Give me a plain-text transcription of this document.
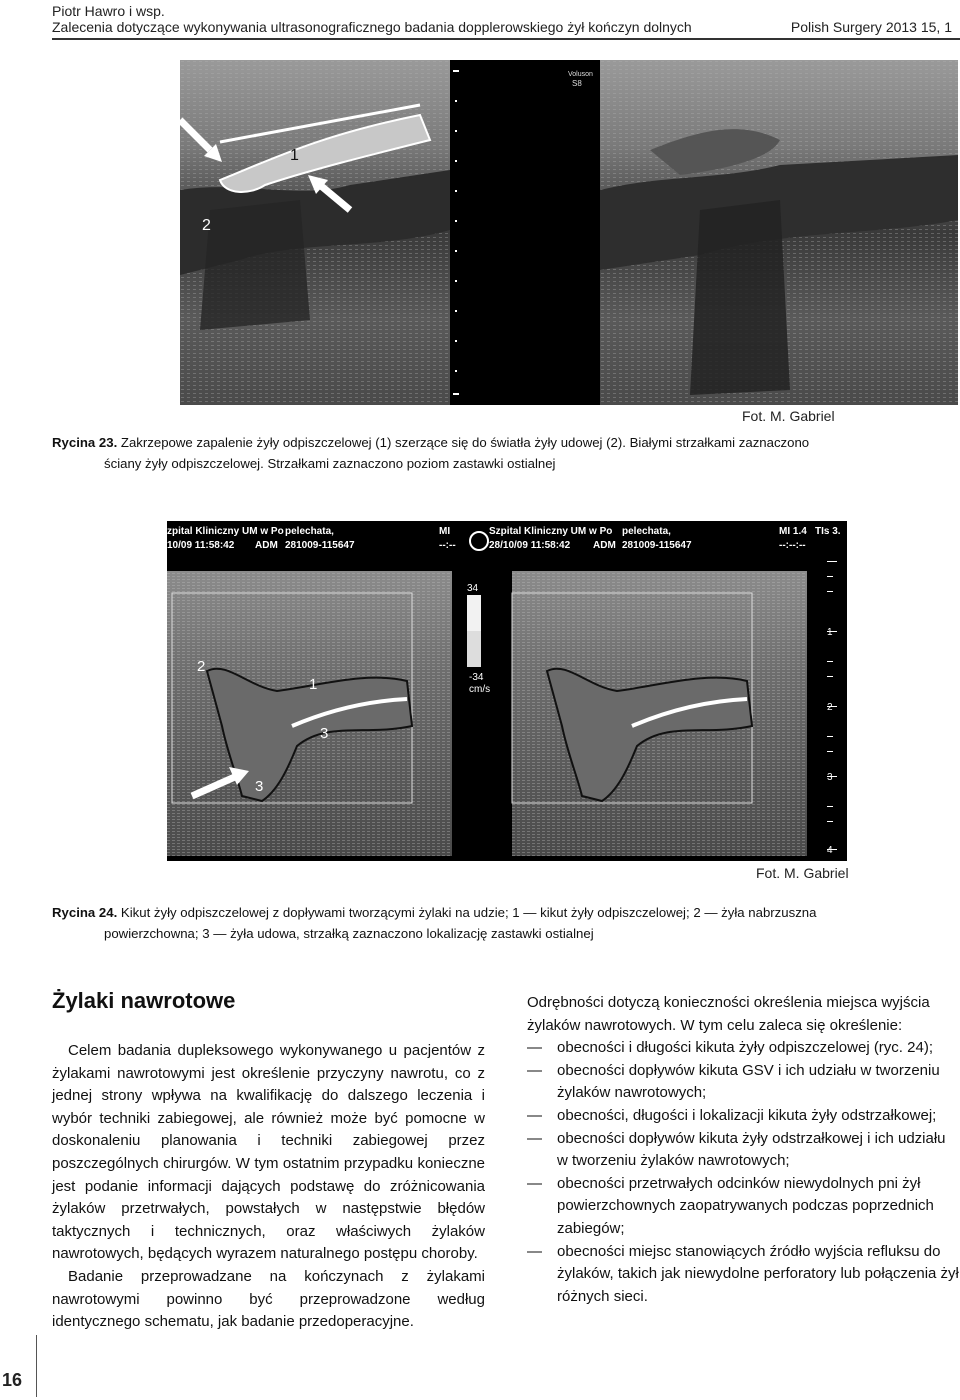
Piotr Hawro i wsp.
Zalecenia dotyczące wykonywania ultrasonograficznego badania dopplerowskiego żył kończyn dolnych	Polish Surgery 2013 15, 1
1
2
Voluson
S8
Fot. M. Gabriel
Rycina 23. Zakrzepowe zapalenie żyły odpiszczelowej (1) szerzące się do światła żyły udowej (2). Białymi strzałkami zaznaczono
ściany żyły odpiszczelowej. Strzałkami zaznaczono poziom zastawki ostialnej
2
1
3
3
zpital Kliniczny UM w Po pelechata,	MI
10/09 11:58:42 ADM 281009-115647	--:--
34
-34
cm/s
Szpital Kliniczny UM w Po pelechata,	MI 1.4 TIs 3.
28/10/09 11:58:42 ADM 281009-115647	--:--:--
1
2
3
4
Fot. M. Gabriel
Rycina 24. Kikut żyły odpiszczelowej z dopływami tworzącymi żylaki na udzie; 1 — kikut żyły odpiszczelowej; 2 — żyła nabrzuszna
powierzchowna; 3 — żyła udowa, strzałką zaznaczono lokalizację zastawki ostialnej
Żylaki nawrotowe

Celem badania dupleksowego wykonywanego u pacjentów z żylakami nawrotowymi jest określenie przyczyny nawrotu, co z jednej strony wpływa na kwalifikację do dalszego leczenia i wybór techniki zabiegowej, ale również może być pomocne w doskonaleniu planowania i techniki zabiegowej przez poszczególnych chirurgów. W tym ostatnim przypadku konieczne jest podanie informacji dających podstawę do zróżnicowania żylaków przetrwałych, powstałych w następstwie błędów taktycznych i technicznych, oraz właściwych żylaków nawrotowych, będących wyrazem naturalnego postępu choroby.

Badanie przeprowadzane na kończynach z żylakami nawrotowymi powinno być przeprowadzone według identycznego schematu, jak badanie przedoperacyjne.

Odrębności dotyczą konieczności określenia miejsca wyjścia żylaków nawrotowych. W tym celu zaleca się określenie:

— obecności i długości kikuta żyły odpiszczelowej (ryc. 24);
— obecności dopływów kikuta GSV i ich udziału w tworzeniu żylaków nawrotowych;
— obecności, długości i lokalizacji kikuta żyły odstrzałkowej;
— obecności dopływów kikuta żyły odstrzałkowej i ich udziału w tworzeniu żylaków nawrotowych;
— obecności przetrwałych odcinków niewydolnych pni żył powierzchownych zaopatrywanych podczas poprzednich zabiegów;
— obecności miejsc stanowiących źródło wyjścia refluksu do żylaków, takich jak niewydolne perforatory lub połączenia żył różnych sieci.
16
